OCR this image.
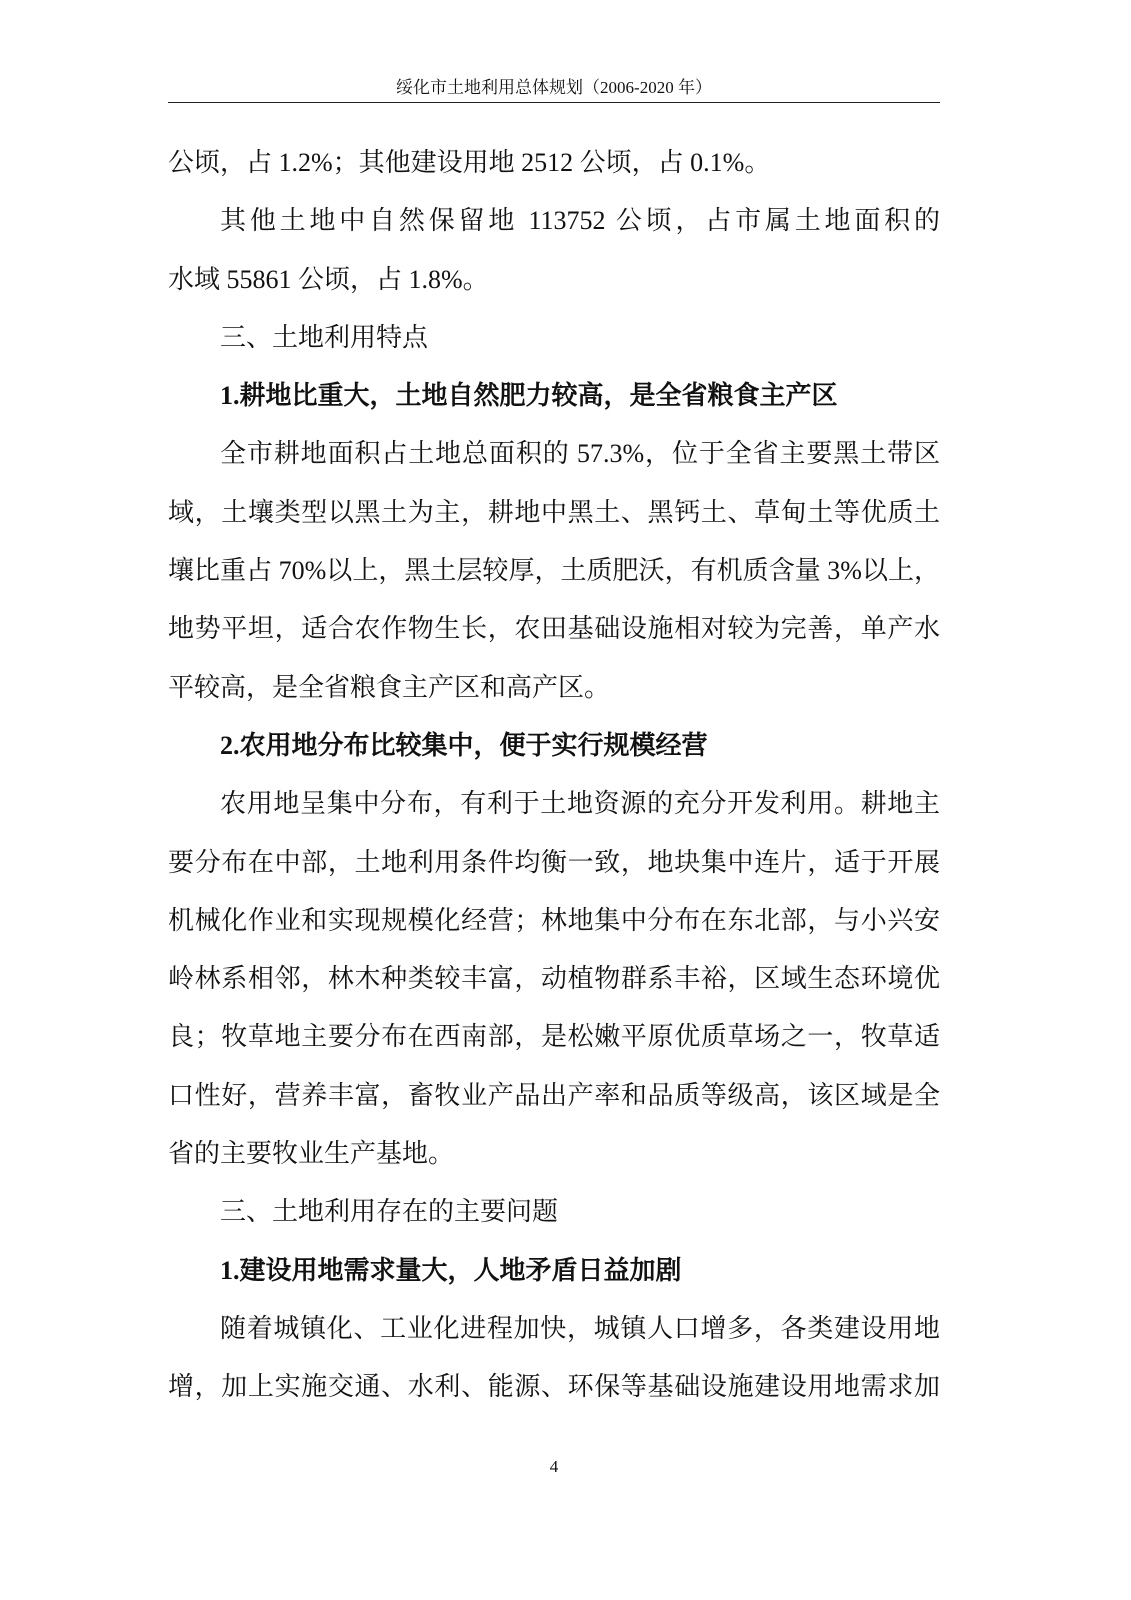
绥化市土地利用总体规划（2006-2020 年）
公顷，占 1.2%；其他建设用地 2512 公顷，占 0.1%。
其他土地中自然保留地 113752 公顷，占市属土地面积的
水域 55861 公顷，占 1.8%。
三、土地利用特点
1.耕地比重大，土地自然肥力较高，是全省粮食主产区
全市耕地面积占土地总面积的 57.3%，位于全省主要黑土带区
域，土壤类型以黑土为主，耕地中黑土、黑钙土、草甸土等优质土
壤比重占 70%以上，黑土层较厚，土质肥沃，有机质含量 3%以上，
地势平坦，适合农作物生长，农田基础设施相对较为完善，单产水
平较高，是全省粮食主产区和高产区。
2.农用地分布比较集中，便于实行规模经营
农用地呈集中分布，有利于土地资源的充分开发利用。耕地主
要分布在中部，土地利用条件均衡一致，地块集中连片，适于开展
机械化作业和实现规模化经营；林地集中分布在东北部，与小兴安
岭林系相邻，林木种类较丰富，动植物群系丰裕，区域生态环境优
良；牧草地主要分布在西南部，是松嫩平原优质草场之一，牧草适
口性好，营养丰富，畜牧业产品出产率和品质等级高，该区域是全
省的主要牧业生产基地。
三、土地利用存在的主要问题
1.建设用地需求量大，人地矛盾日益加剧
随着城镇化、工业化进程加快，城镇人口增多，各类建设用地
增，加上实施交通、水利、能源、环保等基础设施建设用地需求加
4
